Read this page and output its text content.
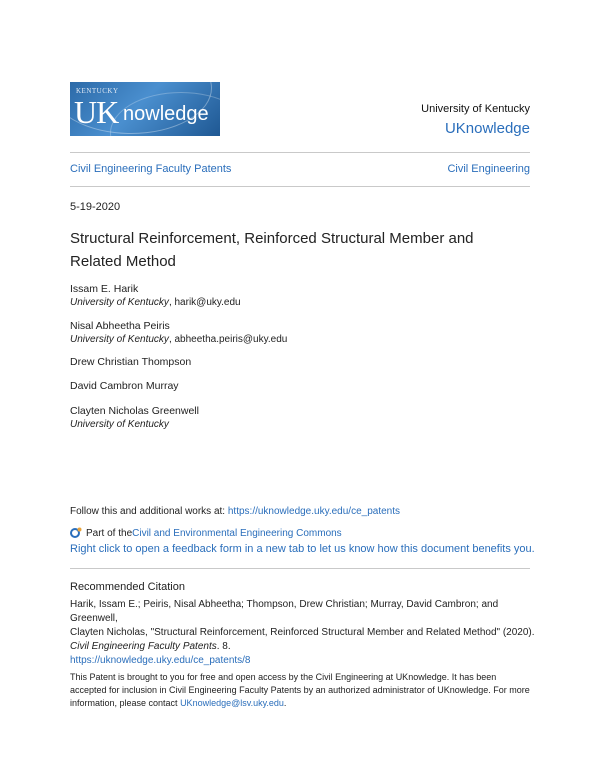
KENTUCKY
UK nowledge	University of Kentucky
UKnowledge
Civil Engineering Faculty Patents	Civil Engineering
5-19-2020
Structural Reinforcement, Reinforced Structural Member and
Related Method
Issam E. Harik
University of Kentucky, harik@uky.edu
Nisal Abheetha Peiris
University of Kentucky, abheetha.peiris@uky.edu
Drew Christian Thompson
David Cambron Murray
Clayten Nicholas Greenwell
University of Kentucky
Follow this and additional works at: https://uknowledge.uky.edu/ce_patents
Part of the Civil and Environmental Engineering Commons
Right click to open a feedback form in a new tab to let us know how this document benefits you.
Recommended Citation
Harik, Issam E.; Peiris, Nisal Abheetha; Thompson, Drew Christian; Murray, David Cambron; and Greenwell,
Clayten Nicholas, "Structural Reinforcement, Reinforced Structural Member and Related Method" (2020).
Civil Engineering Faculty Patents. 8.
https://uknowledge.uky.edu/ce_patents/8
This Patent is brought to you for free and open access by the Civil Engineering at UKnowledge. It has been
accepted for inclusion in Civil Engineering Faculty Patents by an authorized administrator of UKnowledge. For more
information, please contact UKnowledge@lsv.uky.edu.
